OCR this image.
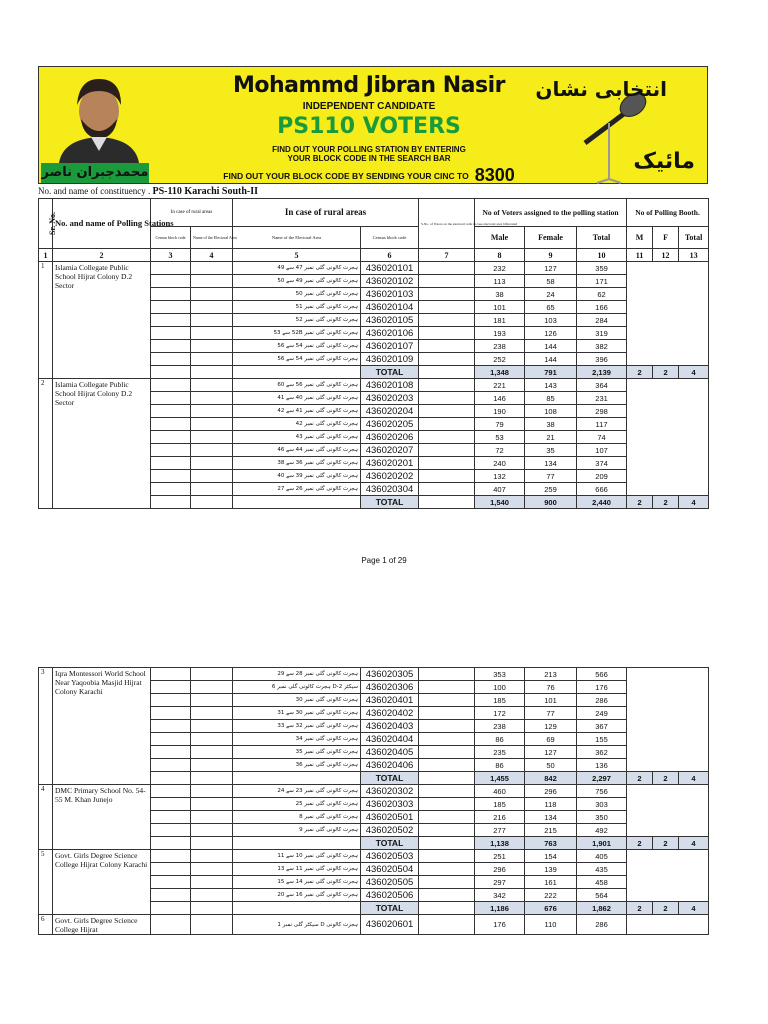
محمدجبران ناصر
Mohammd Jibran Nasir
INDEPENDENT CANDIDATE
PS110 VOTERS
FIND OUT YOUR POLLING STATION BY ENTERING
YOUR BLOCK CODE IN THE SEARCH BAR
FIND OUT YOUR BLOCK CODE BY SENDING YOUR CINC TO 8300
انتخابی نشان
مائیک
No. and name of constituency . PS-110 Karachi South-II
Sr. No.	No. and name of Polling Stations	In case of rural areas		In case of rural areas		S.No. of Voters on the electoral rolls in case electoral area bifurcated	No of Voters assigned to the polling station			No of Polling Booth.		
		Census block code	Name of the Electoral Area	Name of the Electoral Area	Census block code		Male	Female	Total	M	F	Total
1	2	3	4	5	6	7	8	9	10	11	12	13
1	Islamia Collegate Public School Hijrat Colony D.2 Sector			ہجرت کالونی گلی نمبر 47 سے 49	436020101		232	127	359			
				ہجرت کالونی گلی نمبر 49 سے 50	436020102		113	58	171			
				ہجرت کالونی گلی نمبر 50	436020103		38	24	62			
				ہجرت کالونی گلی نمبر 51	436020104		101	65	166			
				ہجرت کالونی گلی نمبر 52	436020105		181	103	284			
				ہجرت کالونی گلی نمبر 52B سے 53	436020106		193	126	319			
				ہجرت کالونی گلی نمبر 54 سے 56	436020107		238	144	382			
				ہجرت کالونی گلی نمبر 54 سے 56	436020109		252	144	396			
					TOTAL		1,348	791	2,139	2	2	4
2	Islamia Collegate Public School Hijrat Colony D.2 Sector			ہجرت کالونی گلی نمبر 56 سے 60	436020108		221	143	364			
				ہجرت کالونی گلی نمبر 40 سے 41	436020203		146	85	231			
				ہجرت کالونی گلی نمبر 41 سے 42	436020204		190	108	298			
				ہجرت کالونی گلی نمبر 42	436020205		79	38	117			
				ہجرت کالونی گلی نمبر 43	436020206		53	21	74			
				ہجرت کالونی گلی نمبر 44 سے 46	436020207		72	35	107			
				ہجرت کالونی گلی نمبر 36 سے 38	436020201		240	134	374			
				ہجرت کالونی گلی نمبر 39 سے 40	436020202		132	77	209			
				ہجرت کالونی گلی نمبر 26 سے 27	436020304		407	259	666			
					TOTAL		1,540	900	2,440	2	2	4
Page 1 of 29
3	Iqra Montessori World School Near Yaqoobia Masjid Hijrat Colony Karachi			ہجرت کالونی گلی نمبر 28 سے 29	436020305		353	213	566			
				سیکٹر D-2 ہجرت کالونی گلی نمبر 6	436020306		100	76	176			
				ہجرت کالونی گلی نمبر 30	436020401		185	101	286			
				ہجرت کالونی گلی نمبر 30 سے 31	436020402		172	77	249			
				ہجرت کالونی گلی نمبر 32 سے 33	436020403		238	129	367			
				ہجرت کالونی گلی نمبر 34	436020404		86	69	155			
				ہجرت کالونی گلی نمبر 35	436020405		235	127	362			
				ہجرت کالونی گلی نمبر 36	436020406		86	50	136			
					TOTAL		1,455	842	2,297	2	2	4
4	DMC Primary School No. 54-55 M. Khan Junejo			ہجرت کالونی گلی نمبر 23 سے 24	436020302		460	296	756			
				ہجرت کالونی گلی نمبر 25	436020303		185	118	303			
				ہجرت کالونی گلی نمبر 8	436020501		216	134	350			
				ہجرت کالونی گلی نمبر 9	436020502		277	215	492			
					TOTAL		1,138	763	1,901	2	2	4
5	Govt. Girls Degree Science College Hijrat Colony Karachi			ہجرت کالونی گلی نمبر 10 سے 11	436020503		251	154	405			
				ہجرت کالونی گلی نمبر 11 سے 13	436020504		296	139	435			
				ہجرت کالونی گلی نمبر 14 سے 15	436020505		297	161	458			
				ہجرت کالونی گلی نمبر 16 سے 20	436020506		342	222	564			
					TOTAL		1,186	676	1,862	2	2	4
6	Govt. Girls Degree Science College Hijrat			ہجرت کالونی D سیکٹر گلی نمبر 1	436020601		176	110	286			
